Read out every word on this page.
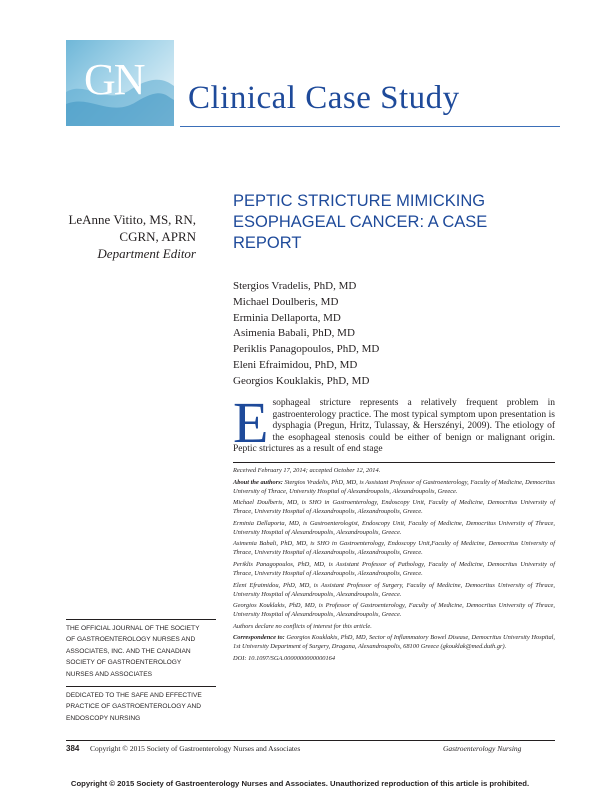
GN Clinical Case Study
LeAnne Vitito, MS, RN,
CGRN, APRN
Department Editor
PEPTIC STRICTURE MIMICKING
ESOPHAGEAL CANCER: A CASE
REPORT
Stergios Vradelis, PhD, MD
Michael Doulberis, MD
Erminia Dellaporta, MD
Asimenia Babali, PhD, MD
Periklis Panagopoulos, PhD, MD
Eleni Efraimidou, PhD, MD
Georgios Kouklakis, PhD, MD
E sophageal stricture represents a relatively frequent problem in gastroenterology practice. The most typical symptom upon presentation is dysphagia (Pregun, Hritz, Tulassay, & Herszényi, 2009). The etiology of the esophageal stenosis could be either of benign or malignant origin. Peptic strictures as a result of end stage

Received February 17, 2014; accepted October 12, 2014.

About the authors: Stergios Vradelis, PhD, MD, is Assistant Professor of Gastroenterology, Faculty of Medicine, Democritus University of Thrace, University Hospital of Alexandroupolis, Alexandroupolis, Greece.

Michael Doulberis, MD, is SHO in Gastroenterology, Endoscopy Unit, Faculty of Medicine, Democritus University of Thrace, University Hospital of Alexandroupolis, Alexandroupolis, Greece.

Erminia Dellaporta, MD, is Gastroenterologist, Endoscopy Unit, Faculty of Medicine, Democritus University of Thrace, University Hospital of Alexandroupolis, Alexandroupolis, Greece.

Asimenia Babali, PhD, MD, is SHO in Gastroenterology, Endoscopy Unit,Faculty of Medicine, Democritus University of Thrace, University Hospital of Alexandroupolis, Alexandroupolis, Greece.

Periklis Panagopoulos, PhD, MD, is Assistant Professor of Pathology, Faculty of Medicine, Democritus University of Thrace, University Hospital of Alexandroupolis, Alexandroupolis, Greece.

Eleni Efraimidou, PhD, MD, is Assistant Professor of Surgery, Faculty of Medicine, Democritus University of Thrace, University Hospital of Alexandroupolis, Alexandroupolis, Greece.

Georgios Kouklakis, PhD, MD, is Professor of Gastroenterology, Faculty of Medicine, Democritus University of Thrace, University Hospital of Alexandroupolis, Alexandroupolis, Greece.

Authors declare no conflicts of interest for this article.

Correspondence to: Georgios Kouklakis, PhD, MD, Sector of Inflammatory Bowel Disease, Democritus University Hospital, 1st University Department of Surgery, Dragana, Alexandroupolis, 68100 Greece (gkouklak@med.duth.gr).

DOI: 10.1097/SGA.0000000000000164

THE OFFICIAL JOURNAL OF THE SOCIETY
OF GASTROENTEROLOGY NURSES AND
ASSOCIATES, INC. AND THE CANADIAN
SOCIETY OF GASTROENTEROLOGY
NURSES AND ASSOCIATES
DEDICATED TO THE SAFE AND EFFECTIVE
PRACTICE OF GASTROENTEROLOGY AND
ENDOSCOPY NURSING
384 Copyright © 2015 Society of Gastroenterology Nurses and Associates	Gastroenterology Nursing
Copyright © 2015 Society of Gastroenterology Nurses and Associates. Unauthorized reproduction of this article is prohibited.
